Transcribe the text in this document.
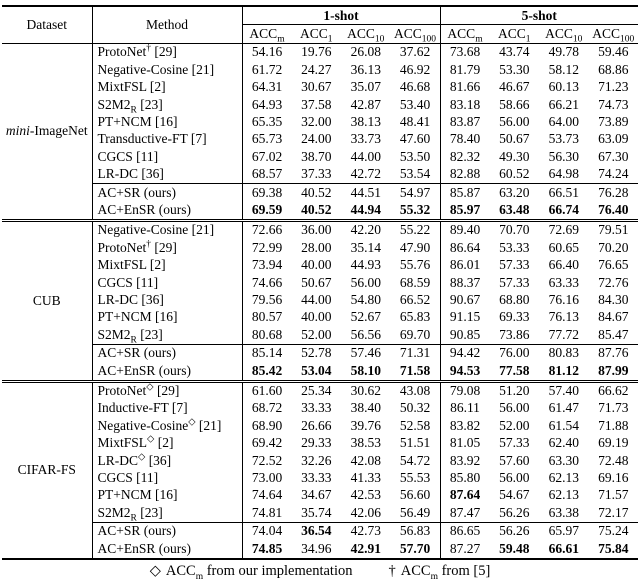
Dataset	Method	1-shot				5-shot			
		$ACC_m$	$ACC_1$	$ACC_{10}$	$ACC_{100}$	$ACC_m$	$ACC_1$	$ACC_{10}$	$ACC_{100}$
mini-ImageNet	ProtoNet† [29]	54.16	19.76	26.08	37.62	73.68	43.74	49.78	59.46
	Negative-Cosine [21]	61.72	24.27	36.13	46.92	81.79	53.30	58.12	68.86
	MixtFSL [2]	64.31	30.67	35.07	46.68	81.66	46.67	60.13	71.23
	$S2M2_R$ [23]	64.93	37.58	42.87	53.40	83.18	58.66	66.21	74.73
	PT+NCM [16]	65.35	32.00	38.13	48.41	83.87	56.00	64.00	73.89
	Transductive-FT [7]	65.73	24.00	33.73	47.60	78.40	50.67	53.73	63.09
	CGCS [11]	67.02	38.70	44.00	53.50	82.32	49.30	56.30	67.30
	LR-DC [36]	68.57	37.33	42.72	53.54	82.88	60.52	64.98	74.24
	AC+SR (ours)	69.38	40.52	44.51	54.97	85.87	63.20	66.51	76.28
	AC+EnSR (ours)	69.59	40.52	44.94	55.32	85.97	63.48	66.74	76.40
CUB	Negative-Cosine [21]	72.66	36.00	42.20	55.22	89.40	70.70	72.69	79.51
	ProtoNet† [29]	72.99	28.00	35.14	47.90	86.64	53.33	60.65	70.20
	MixtFSL [2]	73.94	40.00	44.93	55.76	86.01	57.33	66.40	76.65
	CGCS [11]	74.66	50.67	56.00	68.59	88.37	57.33	63.33	72.76
	LR-DC [36]	79.56	44.00	54.80	66.52	90.67	68.80	76.16	84.30
	PT+NCM [16]	80.57	40.00	52.67	65.83	91.15	69.33	76.13	84.67
	$S2M2_R$ [23]	80.68	52.00	56.56	69.70	90.85	73.86	77.72	85.47
	AC+SR (ours)	85.14	52.78	57.46	71.31	94.42	76.00	80.83	87.76
	AC+EnSR (ours)	85.42	53.04	58.10	71.58	94.53	77.58	81.12	87.99
CIFAR-FS	ProtoNet◇ [29]	61.60	25.34	30.62	43.08	79.08	51.20	57.40	66.62
	Inductive-FT [7]	68.72	33.33	38.40	50.32	86.11	56.00	61.47	71.73
	Negative-Cosine◇ [21]	68.90	26.66	39.76	52.58	83.82	52.00	61.54	71.88
	MixtFSL◇ [2]	69.42	29.33	38.53	51.51	81.05	57.33	62.40	69.19
	LR-DC◇ [36]	72.52	32.26	42.08	54.72	83.92	57.60	63.30	72.48
	CGCS [11]	73.00	33.33	41.33	55.53	85.80	56.00	62.13	69.16
	PT+NCM [16]	74.64	34.67	42.53	56.60	87.64	54.67	62.13	71.57
	$S2M2_R$ [23]	74.81	35.74	42.06	56.49	87.47	56.26	63.38	72.17
	AC+SR (ours)	74.04	36.54	42.73	56.83	86.65	56.26	65.97	75.24
	AC+EnSR (ours)	74.85	34.96	42.91	57.70	87.27	59.48	66.61	75.84
◇ $ACC_m$ from our implementation † $ACC_m$ from [5]
